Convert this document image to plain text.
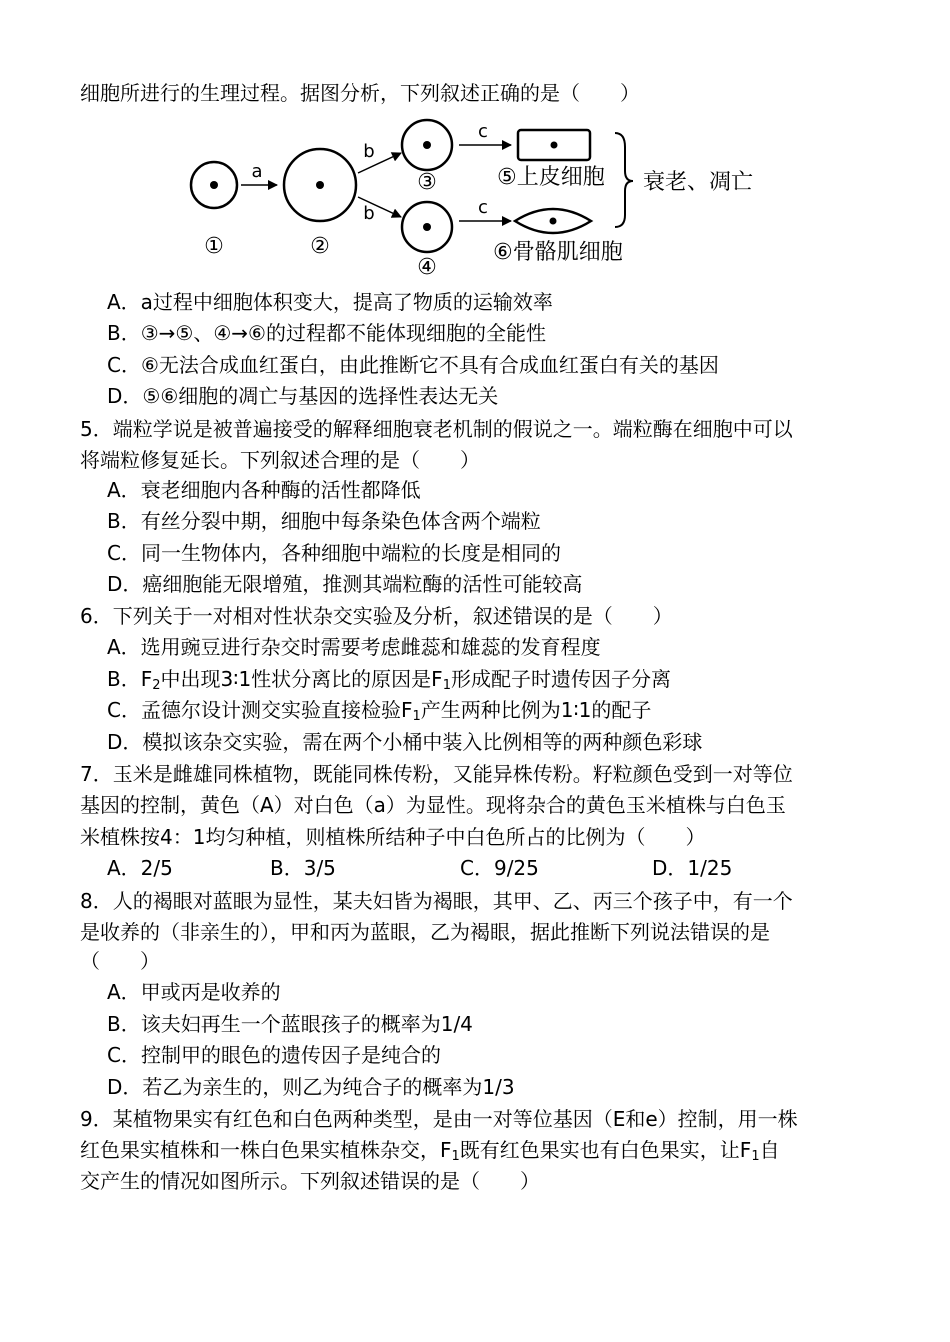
细胞所进行的生理过程。据图分析，下列叙述正确的是（　　）
①
a
②
b
b
③
④
c
c
⑤上皮细胞
⑥骨骼肌细胞
衰老、凋亡
A．a过程中细胞体积变大，提高了物质的运输效率
B．③→⑤、④→⑥的过程都不能体现细胞的全能性
C．⑥无法合成血红蛋白，由此推断它不具有合成血红蛋白有关的基因
D．⑤⑥细胞的凋亡与基因的选择性表达无关
5．端粒学说是被普遍接受的解释细胞衰老机制的假说之一。端粒酶在细胞中可以
将端粒修复延长。下列叙述合理的是（　　）
A．衰老细胞内各种酶的活性都降低
B．有丝分裂中期，细胞中每条染色体含两个端粒
C．同一生物体内，各种细胞中端粒的长度是相同的
D．癌细胞能无限增殖，推测其端粒酶的活性可能较高
6．下列关于一对相对性状杂交实验及分析，叙述错误的是（　　）
A．选用豌豆进行杂交时需要考虑雌蕊和雄蕊的发育程度
B．$F_2$中出现3∶1性状分离比的原因是$F_1$形成配子时遗传因子分离
C．孟德尔设计测交实验直接检验$F_1$产生两种比例为1∶1的配子
D．模拟该杂交实验，需在两个小桶中装入比例相等的两种颜色彩球
7．玉米是雌雄同株植物，既能同株传粉，又能异株传粉。籽粒颜色受到一对等位
基因的控制，黄色（A）对白色（a）为显性。现将杂合的黄色玉米植株与白色玉
米植株按4：1均匀种植，则植株所结种子中白色所占的比例为（　　）
A．2/5	B．3/5	C．9/25	D．1/25
8．人的褐眼对蓝眼为显性，某夫妇皆为褐眼，其甲、乙、丙三个孩子中，有一个
是收养的（非亲生的），甲和丙为蓝眼，乙为褐眼，据此推断下列说法错误的是
（　　）
A．甲或丙是收养的
B．该夫妇再生一个蓝眼孩子的概率为1/4
C．控制甲的眼色的遗传因子是纯合的
D．若乙为亲生的，则乙为纯合子的概率为1/3
9．某植物果实有红色和白色两种类型，是由一对等位基因（E和e）控制，用一株
红色果实植株和一株白色果实植株杂交，$F_1$既有红色果实也有白色果实，让$F_1$自
交产生的情况如图所示。下列叙述错误的是（　　）
